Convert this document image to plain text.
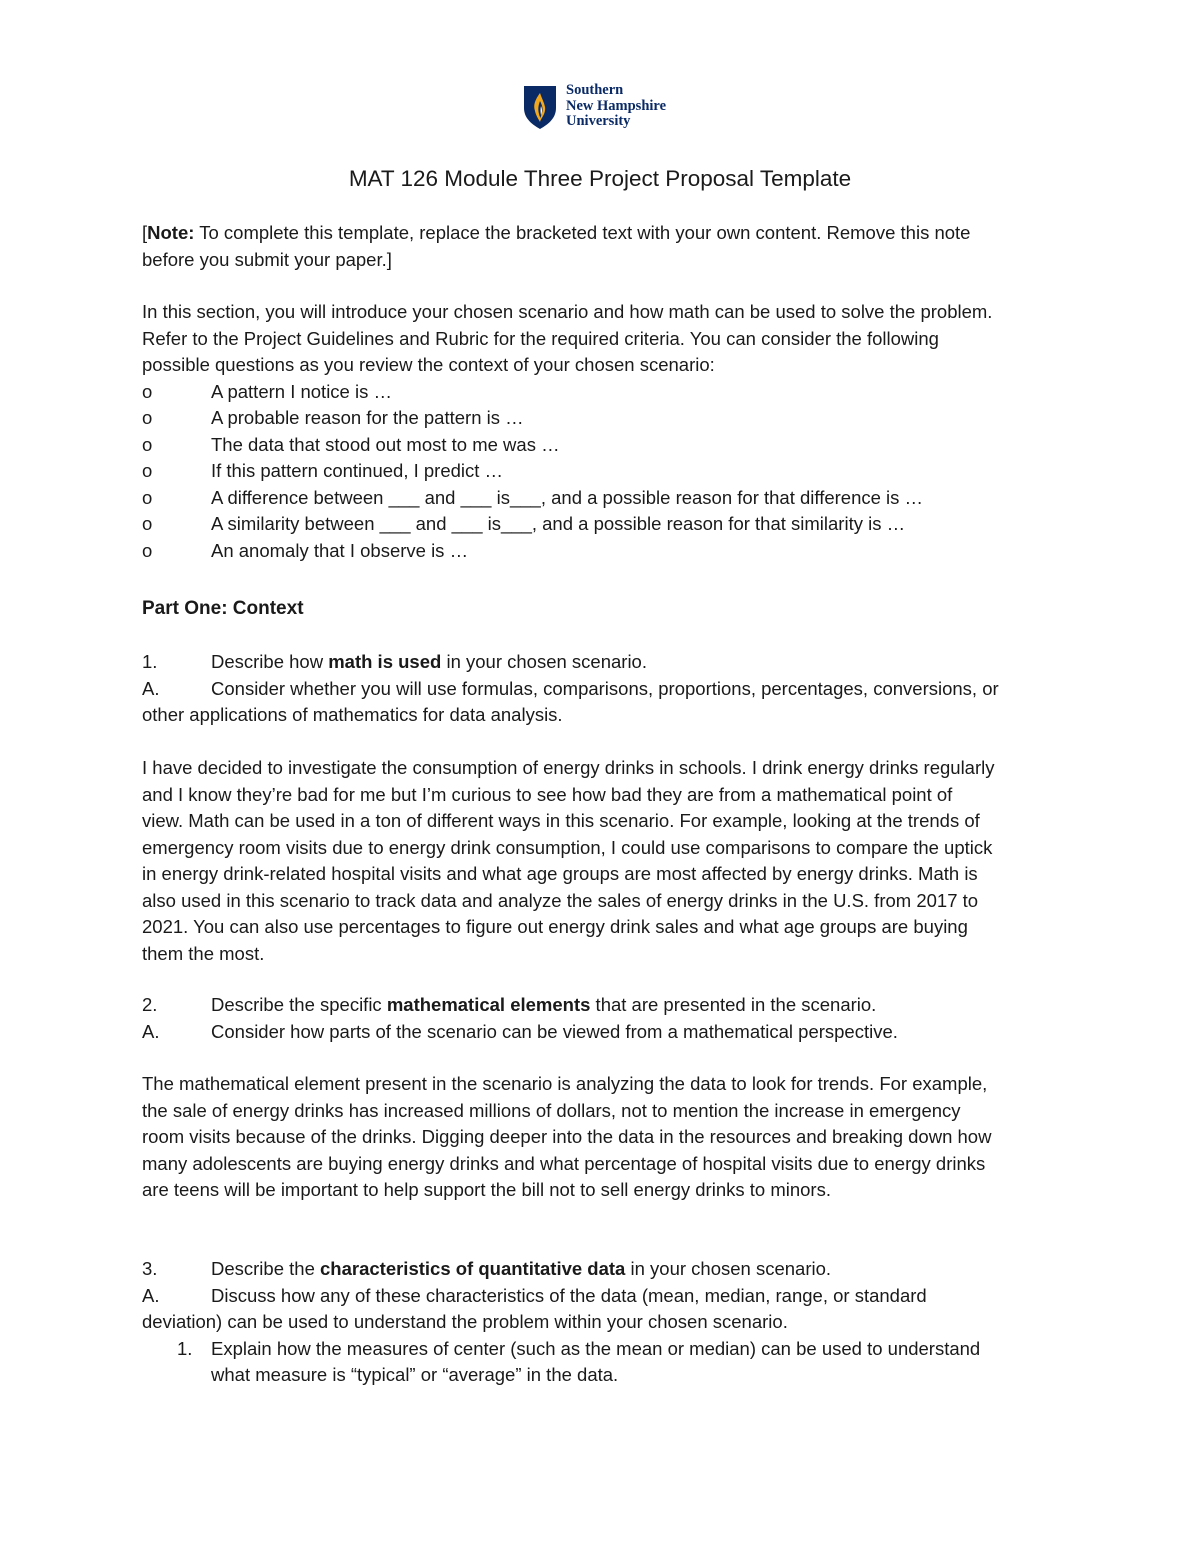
Southern
New Hampshire
University
MAT 126 Module Three Project Proposal Template
[Note: To complete this template, replace the bracketed text with your own content. Remove this note
before you submit your paper.]
In this section, you will introduce your chosen scenario and how math can be used to solve the problem.
Refer to the Project Guidelines and Rubric for the required criteria. You can consider the following
possible questions as you review the context of your chosen scenario:
o	A pattern I notice is …
o	A probable reason for the pattern is …
o	The data that stood out most to me was …
o	If this pattern continued, I predict …
o	A difference between ___ and ___ is___, and a possible reason for that difference is …
o	A similarity between ___ and ___ is___, and a possible reason for that similarity is …
o	An anomaly that I observe is …
Part One: Context
1.	Describe how math is used in your chosen scenario.
A.	Consider whether you will use formulas, comparisons, proportions, percentages, conversions, or
other applications of mathematics for data analysis.
I have decided to investigate the consumption of energy drinks in schools. I drink energy drinks regularly
and I know they’re bad for me but I’m curious to see how bad they are from a mathematical point of
view. Math can be used in a ton of different ways in this scenario. For example, looking at the trends of
emergency room visits due to energy drink consumption, I could use comparisons to compare the uptick
in energy drink-related hospital visits and what age groups are most affected by energy drinks. Math is
also used in this scenario to track data and analyze the sales of energy drinks in the U.S. from 2017 to
2021. You can also use percentages to figure out energy drink sales and what age groups are buying
them the most.
2.	Describe the specific mathematical elements that are presented in the scenario.
A.	Consider how parts of the scenario can be viewed from a mathematical perspective.
The mathematical element present in the scenario is analyzing the data to look for trends. For example,
the sale of energy drinks has increased millions of dollars, not to mention the increase in emergency
room visits because of the drinks. Digging deeper into the data in the resources and breaking down how
many adolescents are buying energy drinks and what percentage of hospital visits due to energy drinks
are teens will be important to help support the bill not to sell energy drinks to minors.
3.	Describe the characteristics of quantitative data in your chosen scenario.
A.	Discuss how any of these characteristics of the data (mean, median, range, or standard
deviation) can be used to understand the problem within your chosen scenario.
1.	Explain how the measures of center (such as the mean or median) can be used to understand
what measure is “typical” or “average” in the data.
